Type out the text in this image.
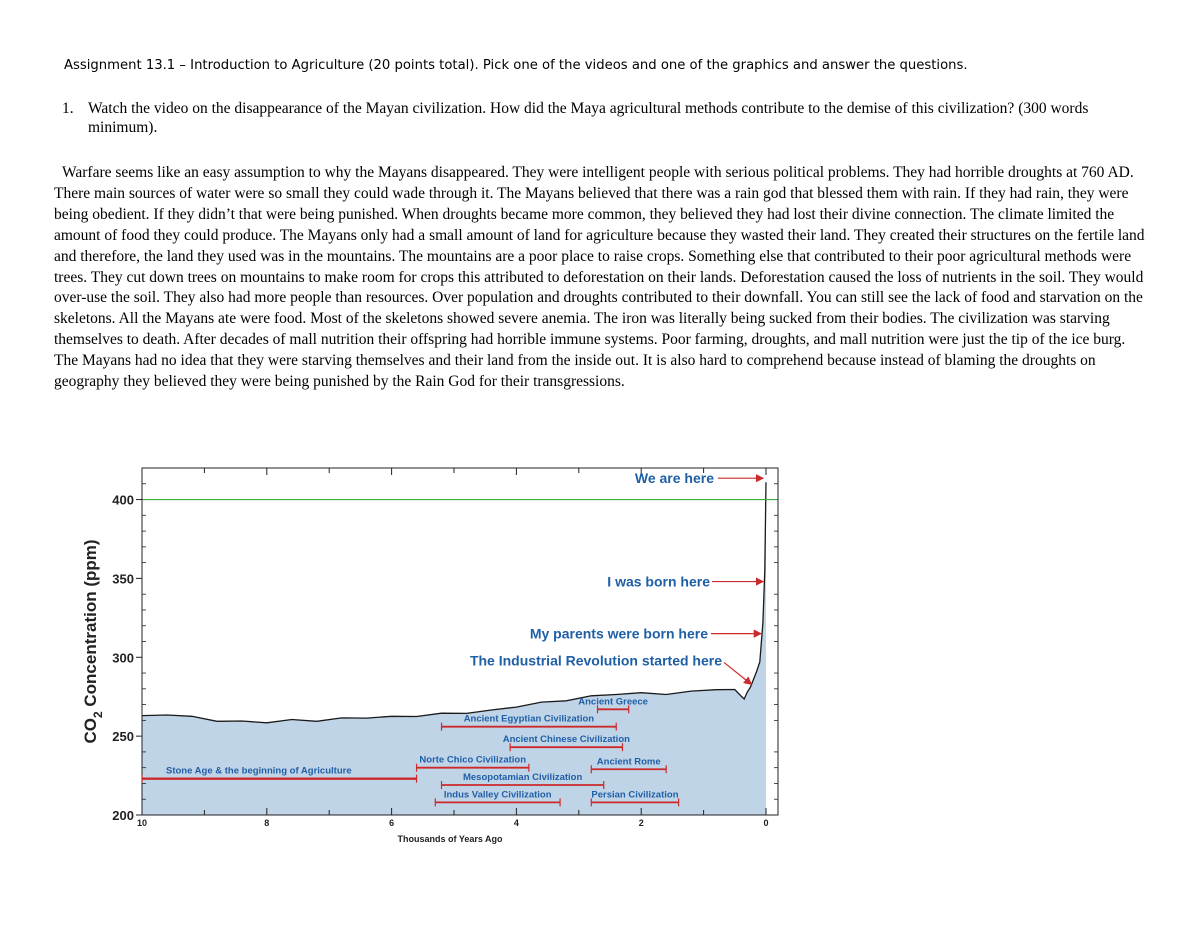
Assignment 13.1 – Introduction to Agriculture (20 points total). Pick one of the videos and one of the graphics and answer the questions.
1. Watch the video on the disappearance of the Mayan civilization. How did the Maya agricultural methods contribute to the demise of this civilization? (300 words minimum).

Warfare seems like an easy assumption to why the Mayans disappeared. They were intelligent people with serious political problems. They had horrible droughts at 760 AD. There main sources of water were so small they could wade through it. The Mayans believed that there was a rain god that blessed them with rain. If they had rain, they were being obedient. If they didn’t that were being punished. When droughts became more common, they believed they had lost their divine connection. The climate limited the amount of food they could produce. The Mayans only had a small amount of land for agriculture because they wasted their land. They created their structures on the fertile land and therefore, the land they used was in the mountains. The mountains are a poor place to raise crops. Something else that contributed to their poor agricultural methods were trees. They cut down trees on mountains to make room for crops this attributed to deforestation on their lands. Deforestation caused the loss of nutrients in the soil. They would over-use the soil. They also had more people than resources. Over population and droughts contributed to their downfall. You can still see the lack of food and starvation on the skeletons. All the Mayans ate were food. Most of the skeletons showed severe anemia. The iron was literally being sucked from their bodies. The civilization was starving themselves to death. After decades of mall nutrition their offspring had horrible immune systems. Poor farming, droughts, and mall nutrition were just the tip of the ice burg. The Mayans had no idea that they were starving themselves and their land from the inside out. It is also hard to comprehend because instead of blaming the droughts on geography they believed they were being punished by the Rain God for their transgressions.

200
250
300
350
400
10	8	6	4	2	0
Thousands of Years Ago
$CO_2$ Concentration (ppm)
We are here
I was born here
My parents were born here
The Industrial Revolution started here
Stone Age & the beginning of Agriculture
Ancient Greece
Ancient Egyptian Civilization
Ancient Chinese Civilization
Norte Chico Civilization	Ancient Rome
Mesopotamian Civilization
Indus Valley Civilization	Persian Civilization
